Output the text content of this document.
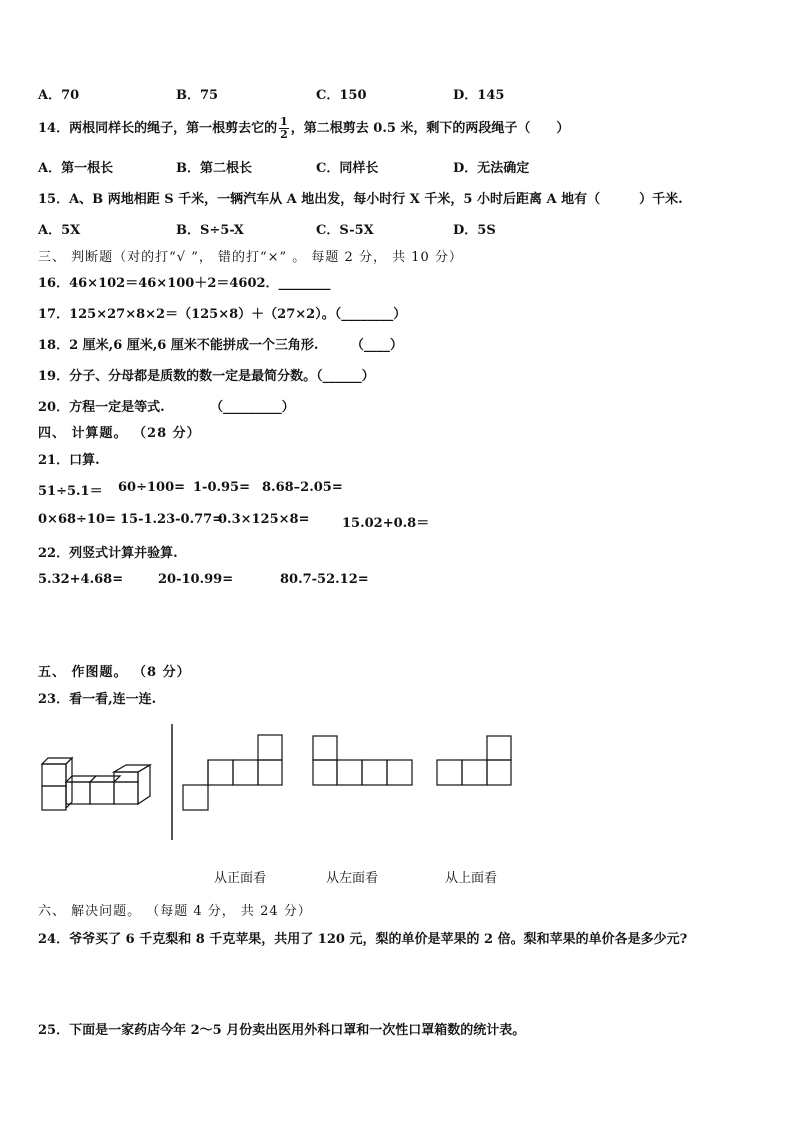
A．70	B．75	C．150	D．145
14．两根同样长的绳子，第一根剪去它的 $\frac{1}{2}$ ，第二根剪去 0.5 米，剩下的两段绳子（　　）
A．第一根长	B．第二根长	C．同样长	D．无法确定
15．A、B 两地相距 S 千米，一辆汽车从 A 地出发，每小时行 X 千米，5 小时后距离 A 地有（　　　）千米.
A．5X	B．S÷5-X	C．S-5X	D．5S
三、 判断题（对的打“√ ”， 错的打“×” 。 每题 2 分， 共 10 分）
16．46×102＝46×100＋2＝4602．________
17．125×27×8×2＝（125×8）＋（27×2）。（________）
18．2 厘米,6 厘米,6 厘米不能拼成一个三角形.　　　（____）
19．分子、分母都是质数的数一定是最简分数。（______）
20．方程一定是等式.　　　　（_________）
四、 计算题。 （28 分）
21．口算.
51÷5.1＝ 60÷100= 1-0.95= 8.68–2.05=
0×68÷10= 15-1.23-0.77=
0.3×125×8=	15.02+0.8＝
22．列竖式计算并验算.
5.32+4.68=	20-10.99=	80.7-52.12=
五、 作图题。 （8 分）
23．看一看,连一连.
从正面看	从左面看	从上面看
六、 解决问题。 （每题 4 分， 共 24 分）
24．爷爷买了 6 千克梨和 8 千克苹果，共用了 120 元，梨的单价是苹果的 2 倍。梨和苹果的单价各是多少元?
25．下面是一家药店今年 2～5 月份卖出医用外科口罩和一次性口罩箱数的统计表。
